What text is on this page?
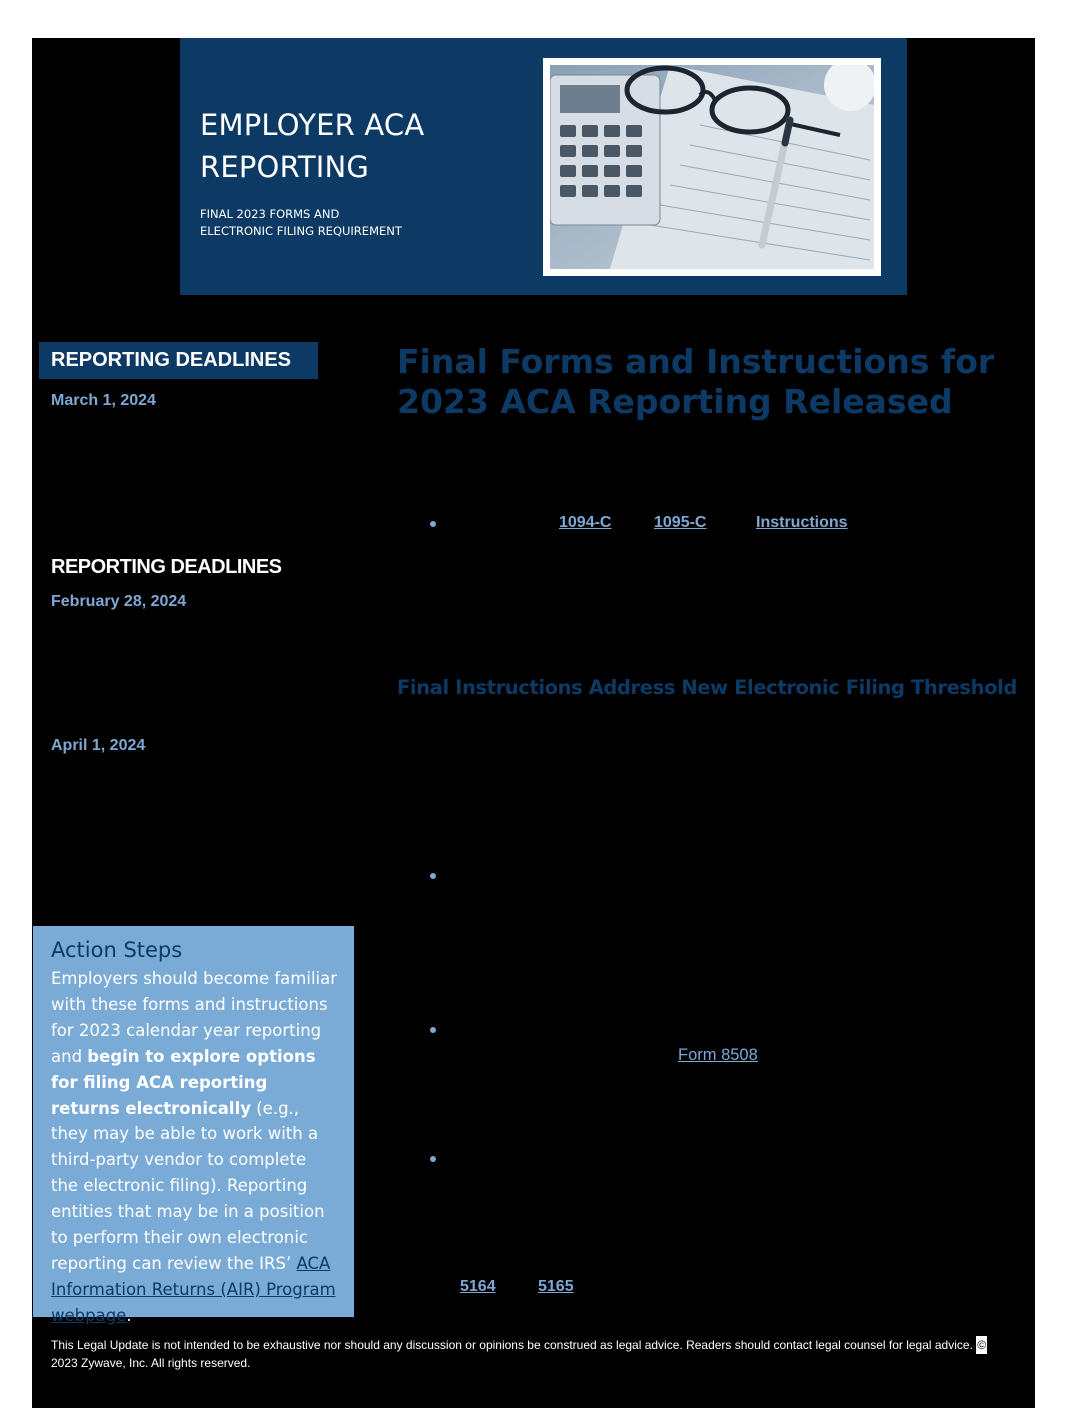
EMPLOYER ACA
REPORTING
FINAL 2023 FORMS AND
ELECTRONIC FILING REQUIREMENT
REPORTING DEADLINES
March 1, 2024
REPORTING DEADLINES
February 28, 2024
April 1, 2024
Action Steps

Employers should become familiar with these forms and instructions for 2023 calendar year reporting and begin to explore options for filing ACA reporting returns electronically (e.g., they may be able to work with a third-party vendor to complete the electronic filing). Reporting entities that may be in a position to perform their own electronic reporting can review the IRS’ ACA Information Returns (AIR) Program webpage.

Final Forms and Instructions for 2023 ACA Reporting Released
1094-C	1095-C	Instructions
Final Instructions Address New Electronic Filing Threshold
Form 8508
5164	5165
This Legal Update is not intended to be exhaustive nor should any discussion or opinions be construed as legal advice. Readers should contact legal counsel for legal advice. ©2023 Zywave, Inc. All rights reserved.
